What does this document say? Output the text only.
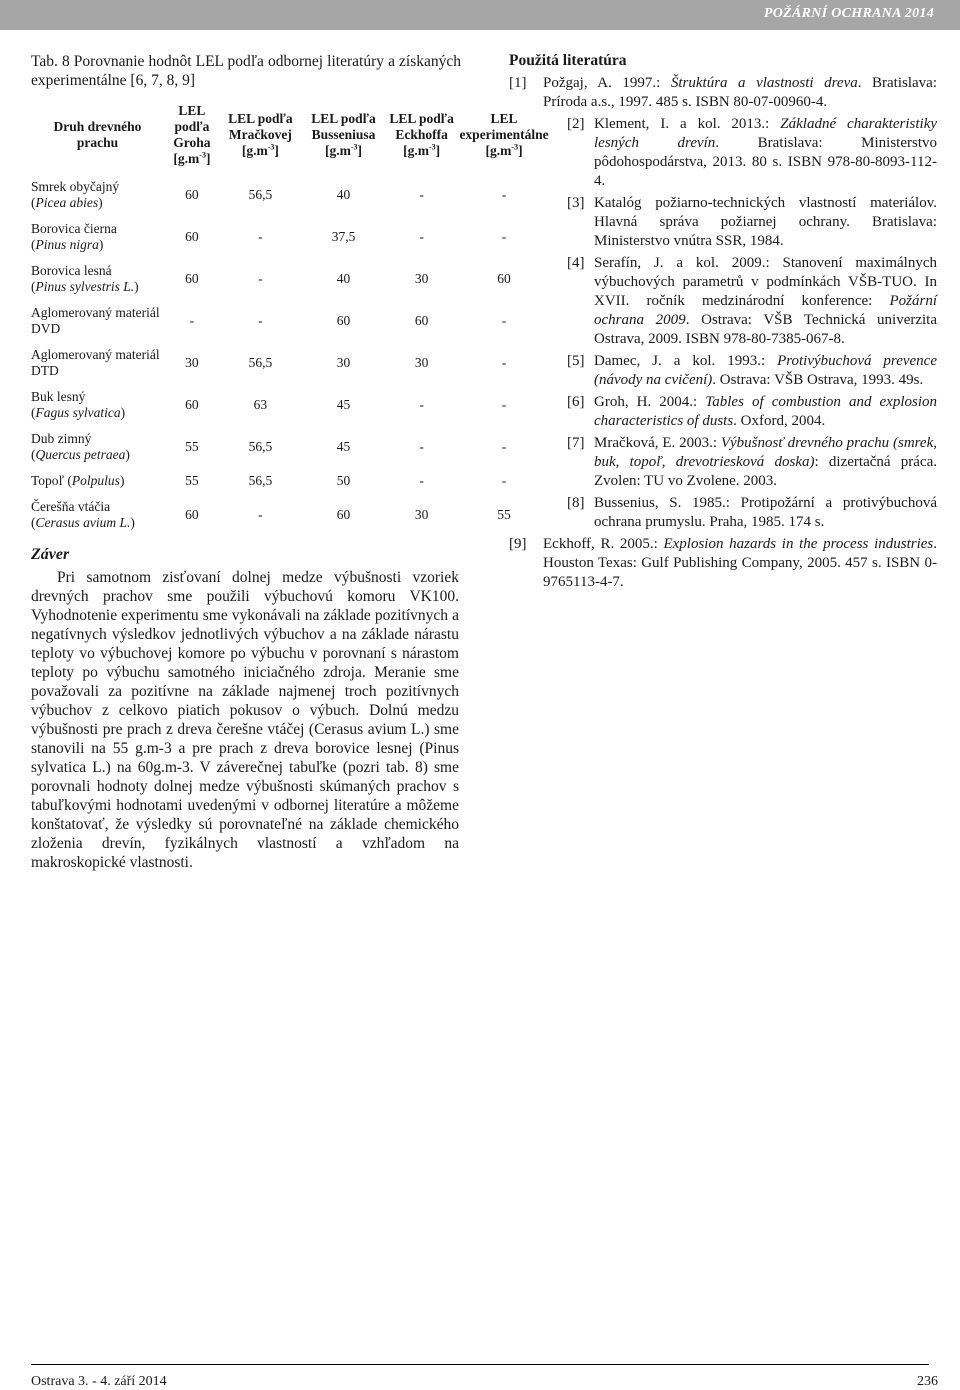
POŽÁRNÍ OCHRANA 2014

Tab. 8 Porovnanie hodnôt LEL podľa odbornej literatúry a získaných experimentálne [6, 7, 8, 9]

Druh drevného prachu	LEL podľa Groha $[g.m^{-3}]$	LEL podľa Mračkovej $[g.m^{-3}]$	LEL podľa Busseniusa $[g.m^{-3}]$	LEL podľa Eckhoffa $[g.m^{-3}]$	LEL experimentálne $[g.m^{-3}]$
Smrek obyčajný
(Picea abies)	60	56,5	40	-	-
Borovica čierna
(Pinus nigra)	60	-	37,5	-	-
Borovica lesná
(Pinus sylvestris L.)	60	-	40	30	60
Aglomerovaný materiál DVD	-	-	60	60	-
Aglomerovaný materiál DTD	30	56,5	30	30	-
Buk lesný
(Fagus sylvatica)	60	63	45	-	-
Dub zimný
(Quercus petraea)	55	56,5	45	-	-
Topoľ (Polpulus)	55	56,5	50	-	-
Čerešňa vtáčia
(Cerasus avium L.)	60	-	60	30	55
Záver

Pri samotnom zisťovaní dolnej medze výbušnosti vzoriek drevných prachov sme použili výbuchovú komoru VK100. Vyhodnotenie experimentu sme vykonávali na základe pozitívnych a negatívnych výsledkov jednotlivých výbuchov a na základe nárastu teploty vo výbuchovej komore po výbuchu v porovnaní s nárastom teploty po výbuchu samotného iniciačného zdroja. Meranie sme považovali za pozitívne na základe najmenej troch pozitívnych výbuchov z celkovo piatich pokusov o výbuch. Dolnú medzu výbušnosti pre prach z dreva čerešne vtáčej (Cerasus avium L.) sme stanovili na 55 g.m-3 a pre prach z dreva borovice lesnej (Pinus sylvatica L.) na 60g.m-3. V záverečnej tabuľke (pozri tab. 8) sme porovnali hodnoty dolnej medze výbušnosti skúmaných prachov s tabuľkovými hodnotami uvedenými v odbornej literatúre a môžeme konštatovať, že výsledky sú porovnateľné na základe chemického zloženia drevín, fyzikálnych vlastností a vzhľadom na makroskopické vlastnosti.

Použitá literatúra
[1] Požgaj, A. 1997.: Štruktúra a vlastnosti dreva. Bratislava: Príroda a.s., 1997. 485 s. ISBN 80-07-00960-4.
[2] Klement, I. a kol. 2013.: Základné charakteristiky lesných drevín. Bratislava: Ministerstvo pôdohospodárstva, 2013. 80 s. ISBN 978-80-8093-112-4.
[3] Katalóg požiarno-technických vlastností materiálov. Hlavná správa požiarnej ochrany. Bratislava: Ministerstvo vnútra SSR, 1984.
[4] Serafín, J. a kol. 2009.: Stanovení maximálnych výbuchových parametrů v podmínkách VŠB-TUO. In XVII. ročník medzinárodní konference: Požární ochrana 2009. Ostrava: VŠB Technická univerzita Ostrava, 2009. ISBN 978-80-7385-067-8.
[5] Damec, J. a kol. 1993.: Protivýbuchová prevence (návody na cvičení). Ostrava: VŠB Ostrava, 1993. 49s.
[6] Groh, H. 2004.: Tables of combustion and explosion characteristics of dusts. Oxford, 2004.
[7] Mračková, E. 2003.: Výbušnosť drevného prachu (smrek, buk, topoľ, drevotriesková doska): dizertačná práca. Zvolen: TU vo Zvolene. 2003.
[8] Bussenius, S. 1985.: Protipožární a protivýbuchová ochrana prumyslu. Praha, 1985. 174 s.
[9] Eckhoff, R. 2005.: Explosion hazards in the process industries. Houston Texas: Gulf Publishing Company, 2005. 457 s. ISBN 0-9765113-4-7.
Ostrava 3. - 4. září 2014	236
